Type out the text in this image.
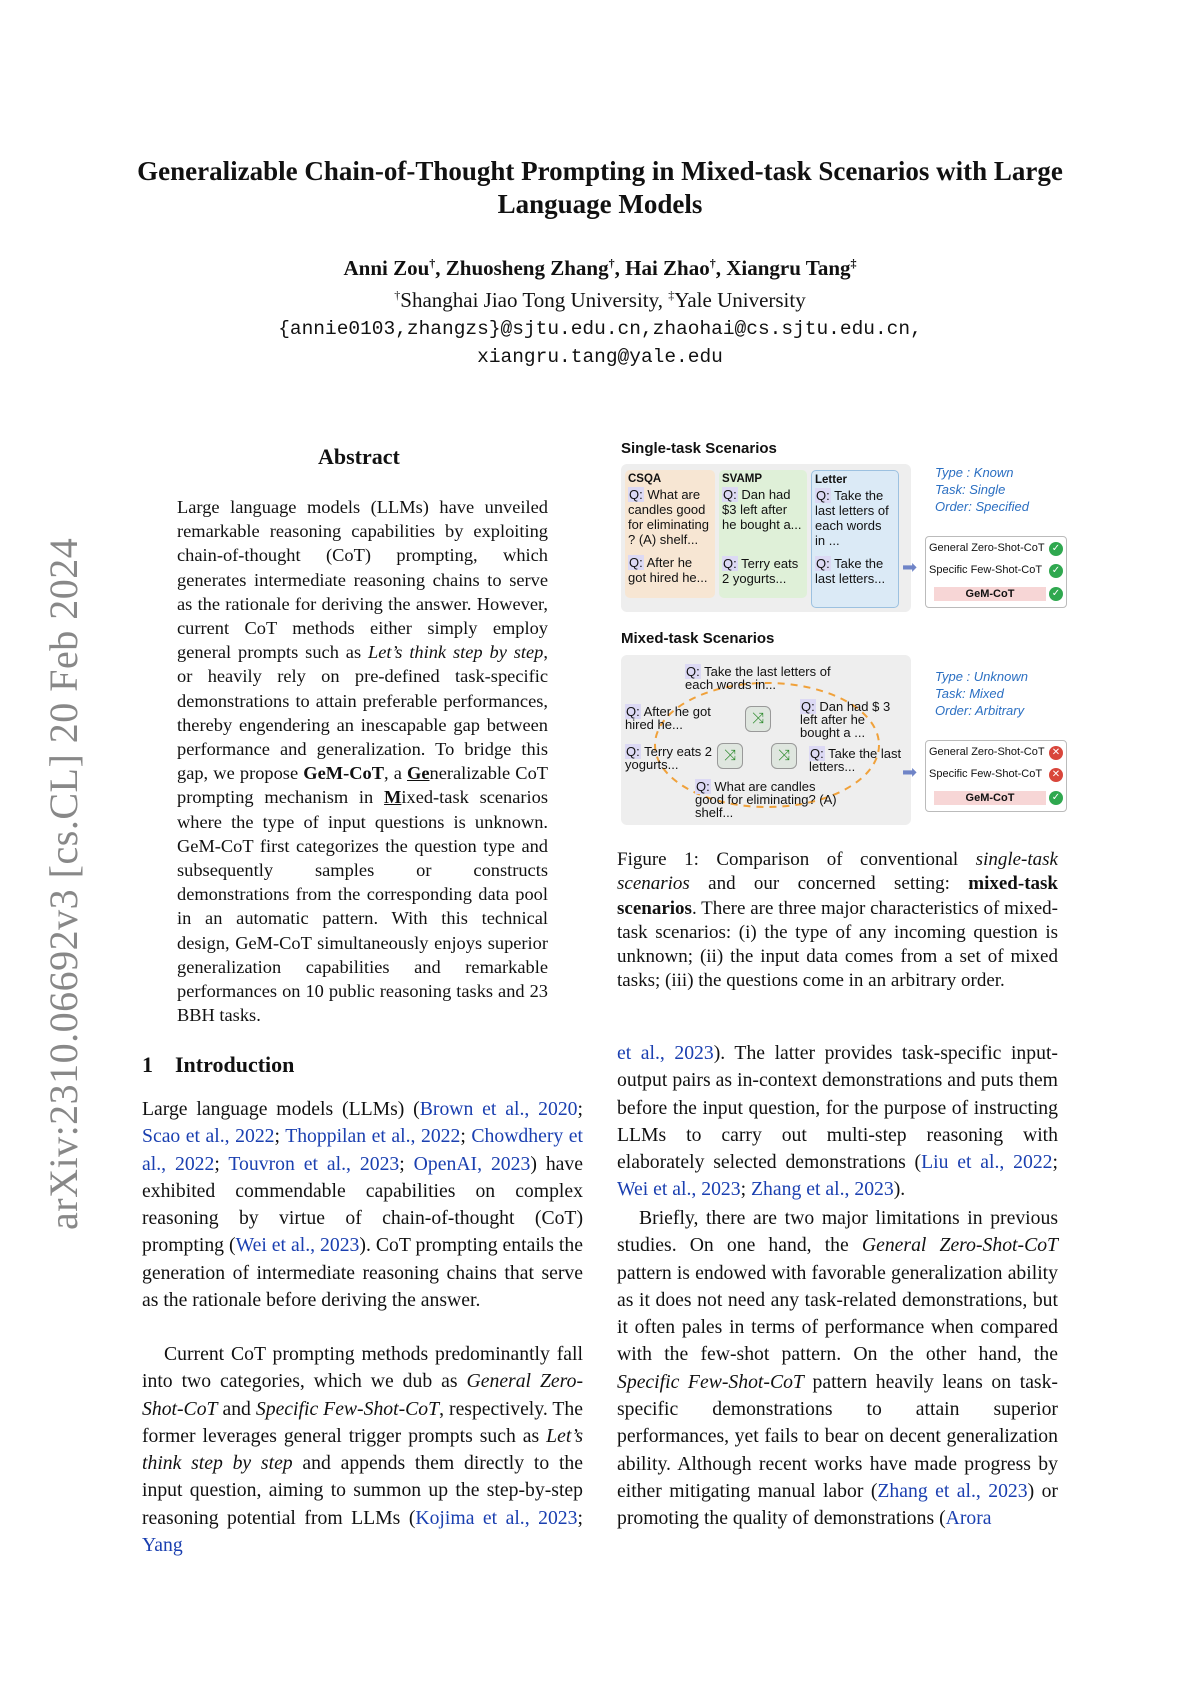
Generalizable Chain-of-Thought Prompting in Mixed-task Scenarios with Large Language Models
Anni Zou†, Zhuosheng Zhang†, Hai Zhao†, Xiangru Tang‡
†Shanghai Jiao Tong University, ‡Yale University
{annie0103,zhangzs}@sjtu.edu.cn,zhaohai@cs.sjtu.edu.cn,
xiangru.tang@yale.edu
arXiv:2310.06692v3 [cs.CL] 20 Feb 2024
Abstract
Large language models (LLMs) have unveiled remarkable reasoning capabilities by exploiting chain-of-thought (CoT) prompting, which generates intermediate reasoning chains to serve as the rationale for deriving the answer. However, current CoT methods either simply employ general prompts such as Let’s think step by step, or heavily rely on pre-defined task-specific demonstrations to attain preferable performances, thereby engendering an inescapable gap between performance and generalization. To bridge this gap, we propose GeM-CoT, a Generalizable CoT prompting mechanism in Mixed-task scenarios where the type of input questions is unknown. GeM-CoT first categorizes the question type and subsequently samples or constructs demonstrations from the corresponding data pool in an automatic pattern. With this technical design, GeM-CoT simultaneously enjoys superior generalization capabilities and remarkable performances on 10 public reasoning tasks and 23 BBH tasks.
1 Introduction
Large language models (LLMs) (Brown et al., 2020; Scao et al., 2022; Thoppilan et al., 2022; Chowdhery et al., 2022; Touvron et al., 2023; OpenAI, 2023) have exhibited commendable capabilities on complex reasoning by virtue of chain-of-thought (CoT) prompting (Wei et al., 2023). CoT prompting entails the generation of intermediate reasoning chains that serve as the rationale before deriving the answer.
Current CoT prompting methods predominantly fall into two categories, which we dub as General Zero-Shot-CoT and Specific Few-Shot-CoT, respectively. The former leverages general trigger prompts such as Let’s think step by step and appends them directly to the input question, aiming to summon up the step-by-step reasoning potential from LLMs (Kojima et al., 2023; Yang
et al., 2023). The latter provides task-specific input-output pairs as in-context demonstrations and puts them before the input question, for the purpose of instructing LLMs to carry out multi-step reasoning with elaborately selected demonstrations (Liu et al., 2022; Wei et al., 2023; Zhang et al., 2023).
Briefly, there are two major limitations in previous studies. On one hand, the General Zero-Shot-CoT pattern is endowed with favorable generalization ability as it does not need any task-related demonstrations, but it often pales in terms of performance when compared with the few-shot pattern. On the other hand, the Specific Few-Shot-CoT pattern heavily leans on task-specific demonstrations to attain superior performances, yet fails to bear on decent generalization ability. Although recent works have made progress by either mitigating manual labor (Zhang et al., 2023) or promoting the quality of demonstrations (Arora
Single-task Scenarios
CSQA
Q: What are candles good for eliminating ? (A) shelf...
Q: After he got hired he...
SVAMP
Q: Dan had $3 left after he bought a...
Q: Terry eats 2 yogurts...
Letter
Q: Take the last letters of each words in ...
Q: Take the last letters...
Type : Known
Task: Single
Order: Specified
➡
General Zero-Shot-CoT ✓
Specific Few-Shot-CoT ✓
GeM-CoT	✓
Mixed-task Scenarios
Q: Take the last letters of each words in...
Q: After he got hired he...
Q: Dan had $ 3 left after he bought a ...
Q: Terry eats 2 yogurts...
Q: Take the last letters...
Q: What are candles good for eliminating? (A) shelf...
⤨
⤨	⤨
Type : Unknown
Task: Mixed
Order: Arbitrary
➡
General Zero-Shot-CoT ✕
Specific Few-Shot-CoT ✕
GeM-CoT	✓
Figure 1: Comparison of conventional single-task scenarios and our concerned setting: mixed-task scenarios. There are three major characteristics of mixed-task scenarios: (i) the type of any incoming question is unknown; (ii) the input data comes from a set of mixed tasks; (iii) the questions come in an arbitrary order.
